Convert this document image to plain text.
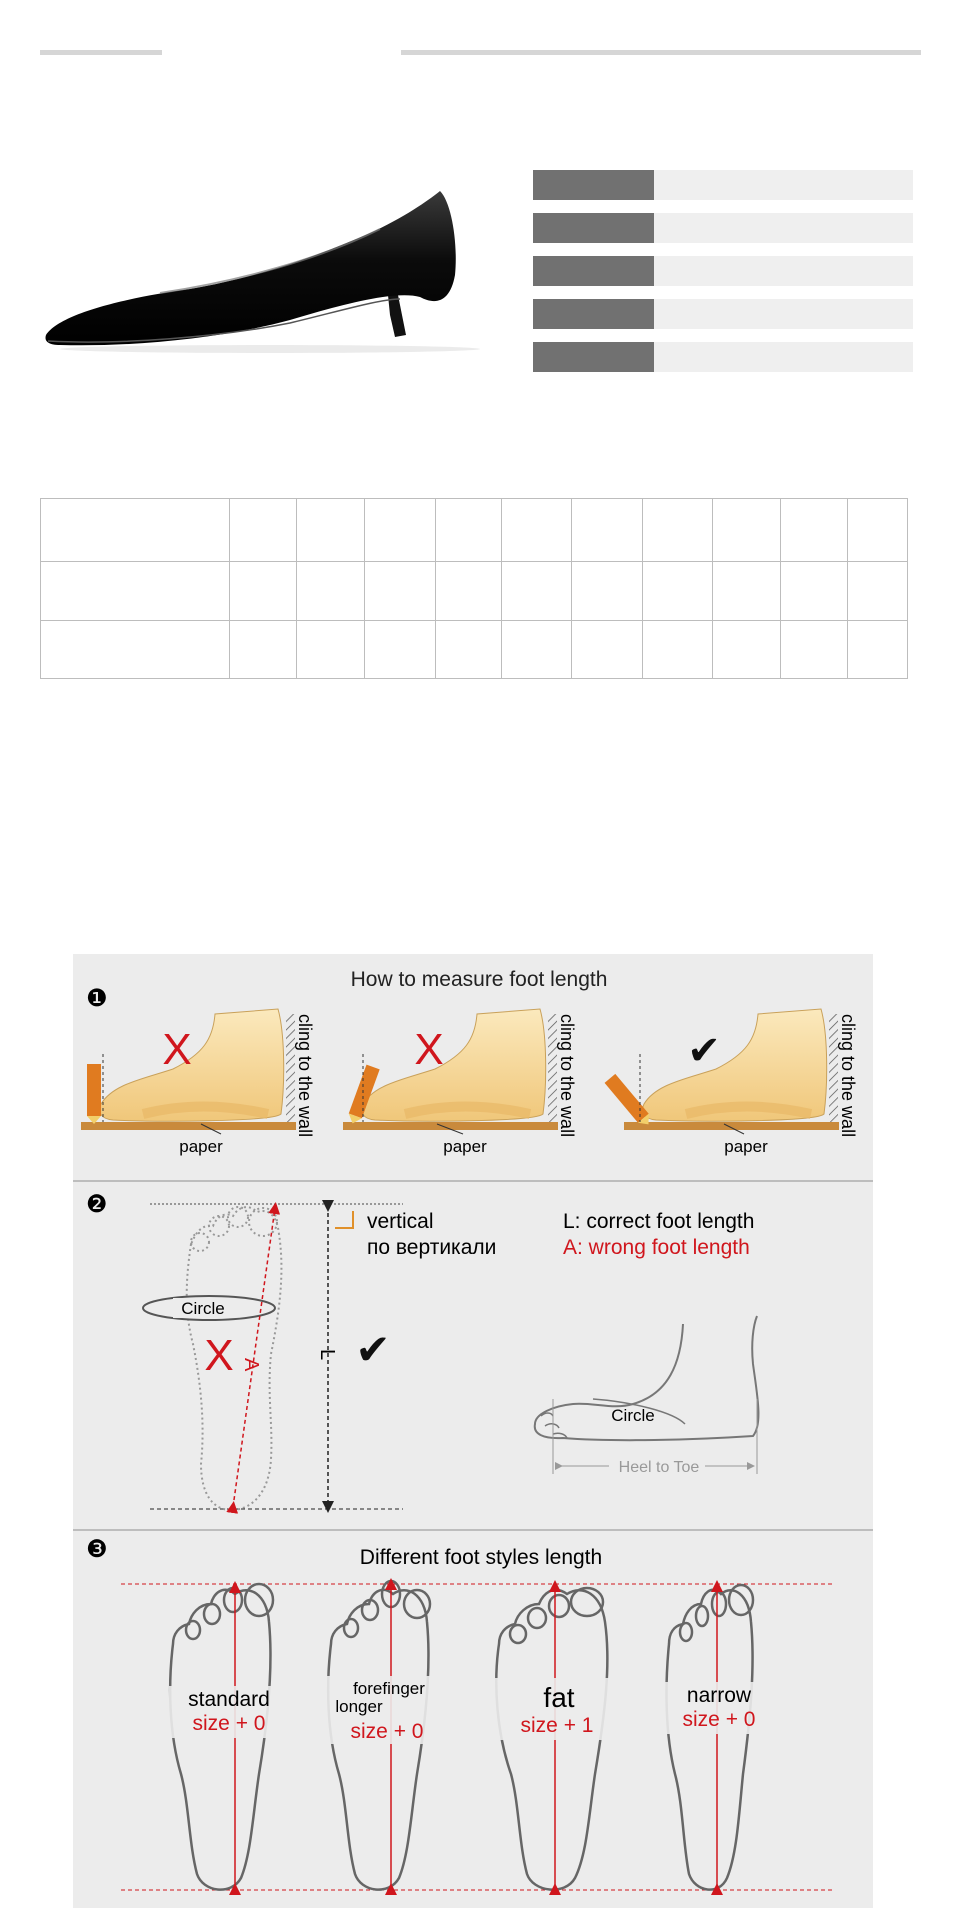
❶
How to measure foot length
X
paper
cling to the wall X
paper
cling to the wall	✔
paper
cling to the wall
❷
Circle
A
X	L ✔
vertical
по вертикали
L: correct foot length
A: wrong foot length
Circle
Heel to Toe
❸	Different foot styles length
standard
size + 0
forefinger
longer
size + 0
fat
size + 1
narrow
size + 0
